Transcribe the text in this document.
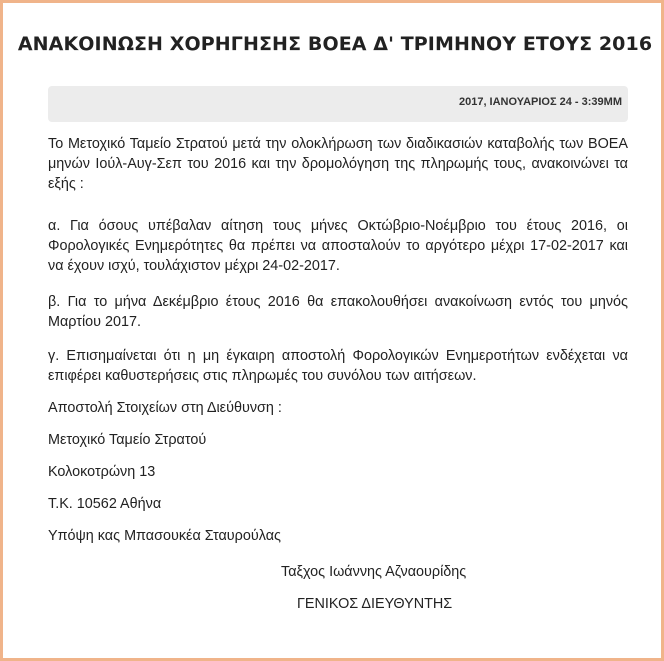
ΑΝΑΚΟΙΝΩΣΗ ΧΟΡΗΓΗΣΗΣ ΒΟΕΑ Δ' ΤΡΙΜΗΝΟΥ ΕΤΟΥΣ 2016
2017, ΙΑΝΟΥΑΡΙΟΣ 24 - 3:39ΜΜ
Το Μετοχικό Ταμείο Στρατού μετά την ολοκλήρωση των διαδικασιών καταβολής των ΒΟΕΑ μηνών Ιούλ-Αυγ-Σεπ του 2016 και την δρομολόγηση της πληρωμής τους, ανακοινώνει τα εξής :
α. Για όσους υπέβαλαν αίτηση τους μήνες Οκτώβριο-Νοέμβριο του έτους 2016, οι Φορολογικές Ενημερότητες θα πρέπει να αποσταλούν το αργότερο μέχρι 17-02-2017 και να έχουν ισχύ, τουλάχιστον μέχρι 24-02-2017.
β. Για το μήνα Δεκέμβριο έτους 2016 θα επακολουθήσει ανακοίνωση εντός του μηνός Μαρτίου 2017.
γ. Επισημαίνεται ότι η μη έγκαιρη αποστολή Φορολογικών Ενημεροτήτων ενδέχεται να επιφέρει καθυστερήσεις στις πληρωμές του συνόλου των αιτήσεων.
Αποστολή Στοιχείων στη Διεύθυνση :
Μετοχικό Ταμείο Στρατού
Κολοκοτρώνη 13
Τ.Κ. 10562 Αθήνα
Υπόψη κας Μπασουκέα Σταυρούλας
Ταξχος Ιωάννης Αζναουρίδης
ΓΕΝΙΚΟΣ ΔΙΕΥΘΥΝΤΗΣ
